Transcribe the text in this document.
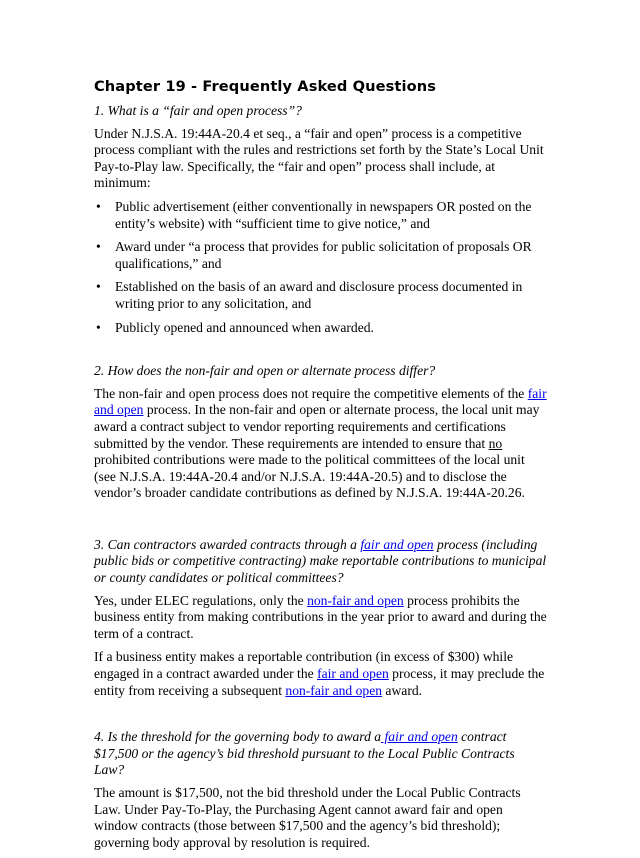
Chapter 19 - Frequently Asked Questions
1. What is a “fair and open process”?

Under N.J.S.A. 19:44A-20.4 et seq., a “fair and open” process is a competitive process compliant with the rules and restrictions set forth by the State’s Local Unit Pay-to-Play law. Specifically, the “fair and open” process shall include, at minimum:

• Public advertisement (either conventionally in newspapers OR posted on the entity’s website) with “sufficient time to give notice,” and
• Award under “a process that provides for public solicitation of proposals OR qualifications,” and
• Established on the basis of an award and disclosure process documented in writing prior to any solicitation, and
• Publicly opened and announced when awarded.
2. How does the non-fair and open or alternate process differ?

The non-fair and open process does not require the competitive elements of the fair and open process. In the non-fair and open or alternate process, the local unit may award a contract subject to vendor reporting requirements and certifications submitted by the vendor. These requirements are intended to ensure that no prohibited contributions were made to the political committees of the local unit (see N.J.S.A. 19:44A-20.4 and/or N.J.S.A. 19:44A-20.5) and to disclose the vendor’s broader candidate contributions as defined by N.J.S.A. 19:44A-20.26.

3. Can contractors awarded contracts through a fair and open process (including public bids or competitive contracting) make reportable contributions to municipal or county candidates or political committees?

Yes, under ELEC regulations, only the non-fair and open process prohibits the business entity from making contributions in the year prior to award and during the term of a contract.

If a business entity makes a reportable contribution (in excess of $300) while engaged in a contract awarded under the fair and open process, it may preclude the entity from receiving a subsequent non-fair and open award.

4. Is the threshold for the governing body to award a fair and open contract $17,500 or the agency’s bid threshold pursuant to the Local Public Contracts Law?

The amount is $17,500, not the bid threshold under the Local Public Contracts Law. Under Pay-To-Play, the Purchasing Agent cannot award fair and open window contracts (those between $17,500 and the agency’s bid threshold); governing body approval by resolution is required.
